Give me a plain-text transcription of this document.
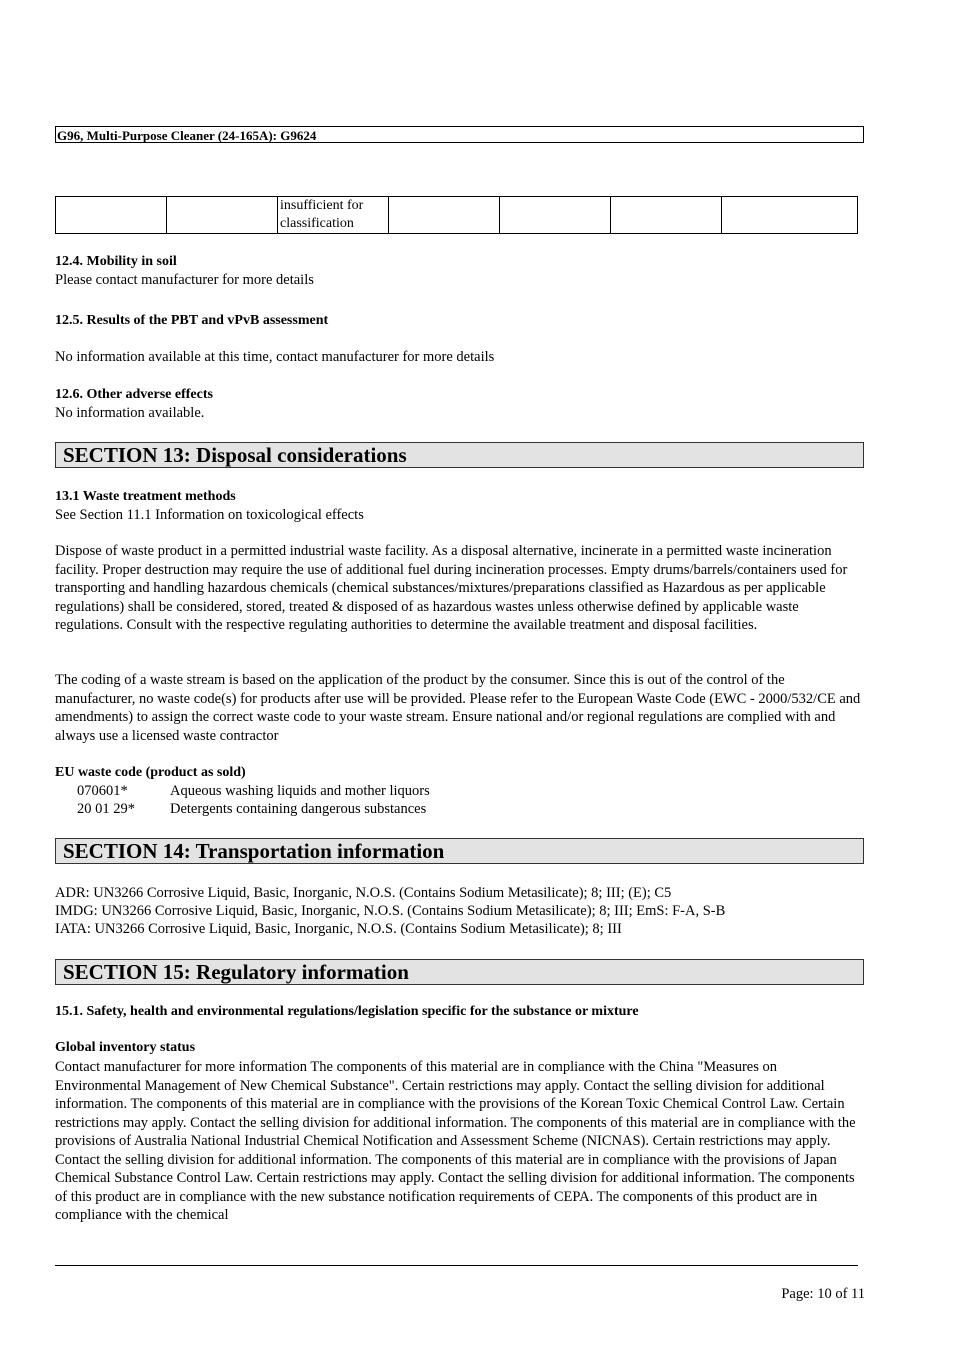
G96, Multi-Purpose Cleaner (24-165A): G9624
		insufficient for classification				
12.4. Mobility in soil
Please contact manufacturer for more details
12.5. Results of the PBT and vPvB assessment
No information available at this time, contact manufacturer for more details
12.6. Other adverse effects
No information available.
SECTION 13: Disposal considerations
13.1 Waste treatment methods
See Section 11.1 Information on toxicological effects
Dispose of waste product in a permitted industrial waste facility. As a disposal alternative, incinerate in a permitted waste incineration facility. Proper destruction may require the use of additional fuel during incineration processes. Empty drums/barrels/containers used for transporting and handling hazardous chemicals (chemical substances/mixtures/preparations classified as Hazardous as per applicable regulations) shall be considered, stored, treated & disposed of as hazardous wastes unless otherwise defined by applicable waste regulations. Consult with the respective regulating authorities to determine the available treatment and disposal facilities.
The coding of a waste stream is based on the application of the product by the consumer. Since this is out of the control of the manufacturer, no waste code(s) for products after use will be provided. Please refer to the European Waste Code (EWC - 2000/532/CE and amendments) to assign the correct waste code to your waste stream. Ensure national and/or regional regulations are complied with and always use a licensed waste contractor
EU waste code (product as sold)
070601*	Aqueous washing liquids and mother liquors
20 01 29* Detergents containing dangerous substances
SECTION 14: Transportation information
ADR: UN3266 Corrosive Liquid, Basic, Inorganic, N.O.S. (Contains Sodium Metasilicate); 8; III; (E); C5
IMDG: UN3266 Corrosive Liquid, Basic, Inorganic, N.O.S. (Contains Sodium Metasilicate); 8; III; EmS: F-A, S-B
IATA: UN3266 Corrosive Liquid, Basic, Inorganic, N.O.S. (Contains Sodium Metasilicate); 8; III
SECTION 15: Regulatory information
15.1. Safety, health and environmental regulations/legislation specific for the substance or mixture
Global inventory status
Contact manufacturer for more information The components of this material are in compliance with the China "Measures on Environmental Management of New Chemical Substance". Certain restrictions may apply. Contact the selling division for additional information. The components of this material are in compliance with the provisions of the Korean Toxic Chemical Control Law. Certain restrictions may apply. Contact the selling division for additional information. The components of this material are in compliance with the provisions of Australia National Industrial Chemical Notification and Assessment Scheme (NICNAS). Certain restrictions may apply. Contact the selling division for additional information. The components of this material are in compliance with the provisions of Japan Chemical Substance Control Law. Certain restrictions may apply. Contact the selling division for additional information. The components of this product are in compliance with the new substance notification requirements of CEPA. The components of this product are in compliance with the chemical
Page: 10 of 11
